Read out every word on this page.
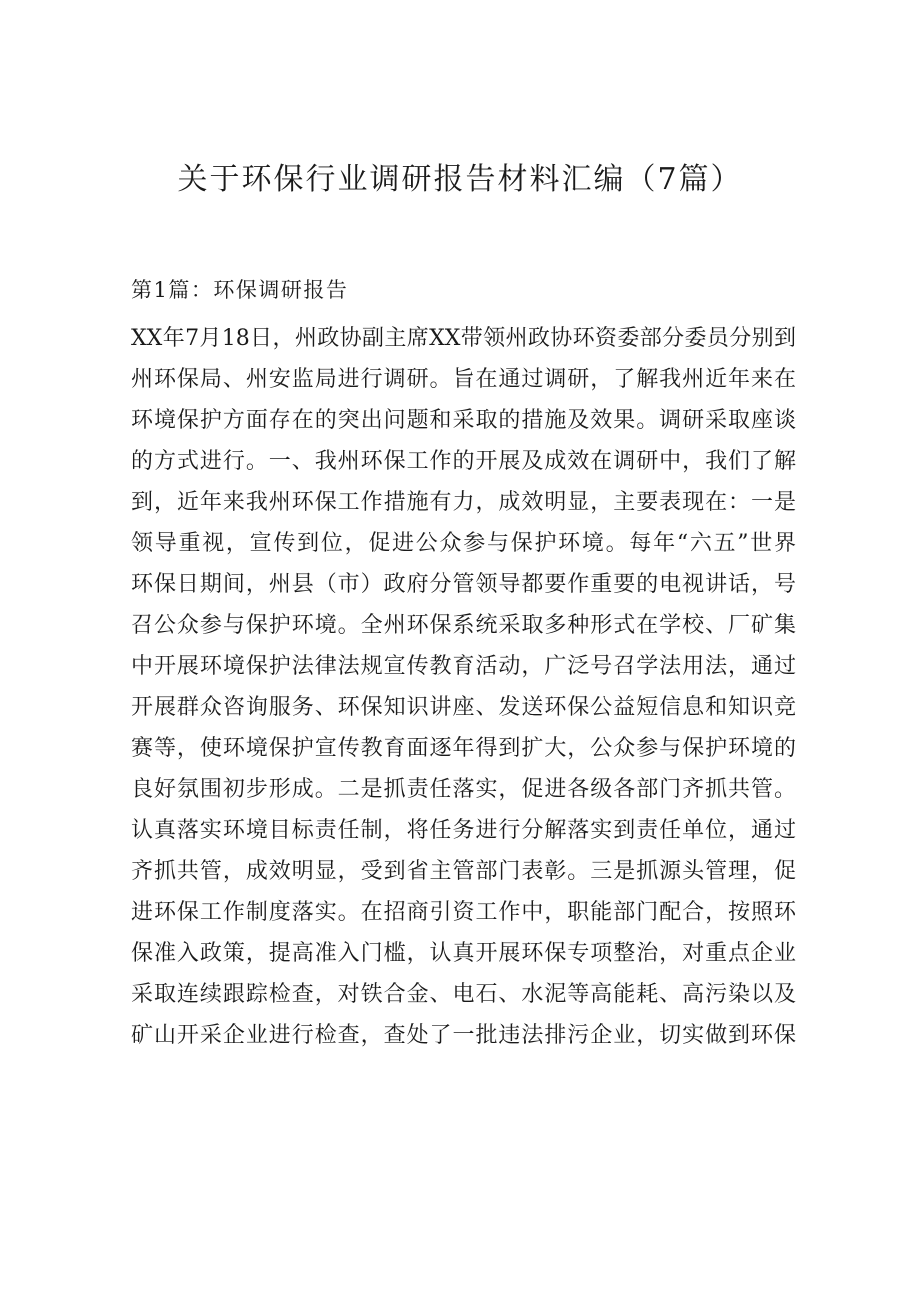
关于环保行业调研报告材料汇编（7篇）
第1篇：环保调研报告
XX年7月18日，州政协副主席XX带领州政协环资委部分委员分别到
州环保局、州安监局进行调研。旨在通过调研，了解我州近年来在
环境保护方面存在的突出问题和采取的措施及效果。调研采取座谈
的方式进行。一、我州环保工作的开展及成效在调研中，我们了解
到，近年来我州环保工作措施有力，成效明显，主要表现在：一是
领导重视，宣传到位，促进公众参与保护环境。每年“六五”世界
环保日期间，州县（市）政府分管领导都要作重要的电视讲话，号
召公众参与保护环境。全州环保系统采取多种形式在学校、厂矿集
中开展环境保护法律法规宣传教育活动，广泛号召学法用法，通过
开展群众咨询服务、环保知识讲座、发送环保公益短信息和知识竞
赛等，使环境保护宣传教育面逐年得到扩大，公众参与保护环境的
良好氛围初步形成。二是抓责任落实，促进各级各部门齐抓共管。
认真落实环境目标责任制，将任务进行分解落实到责任单位，通过
齐抓共管，成效明显，受到省主管部门表彰。三是抓源头管理，促
进环保工作制度落实。在招商引资工作中，职能部门配合，按照环
保准入政策，提高准入门槛，认真开展环保专项整治，对重点企业
采取连续跟踪检查，对铁合金、电石、水泥等高能耗、高污染以及
矿山开采企业进行检查，查处了一批违法排污企业，切实做到环保
